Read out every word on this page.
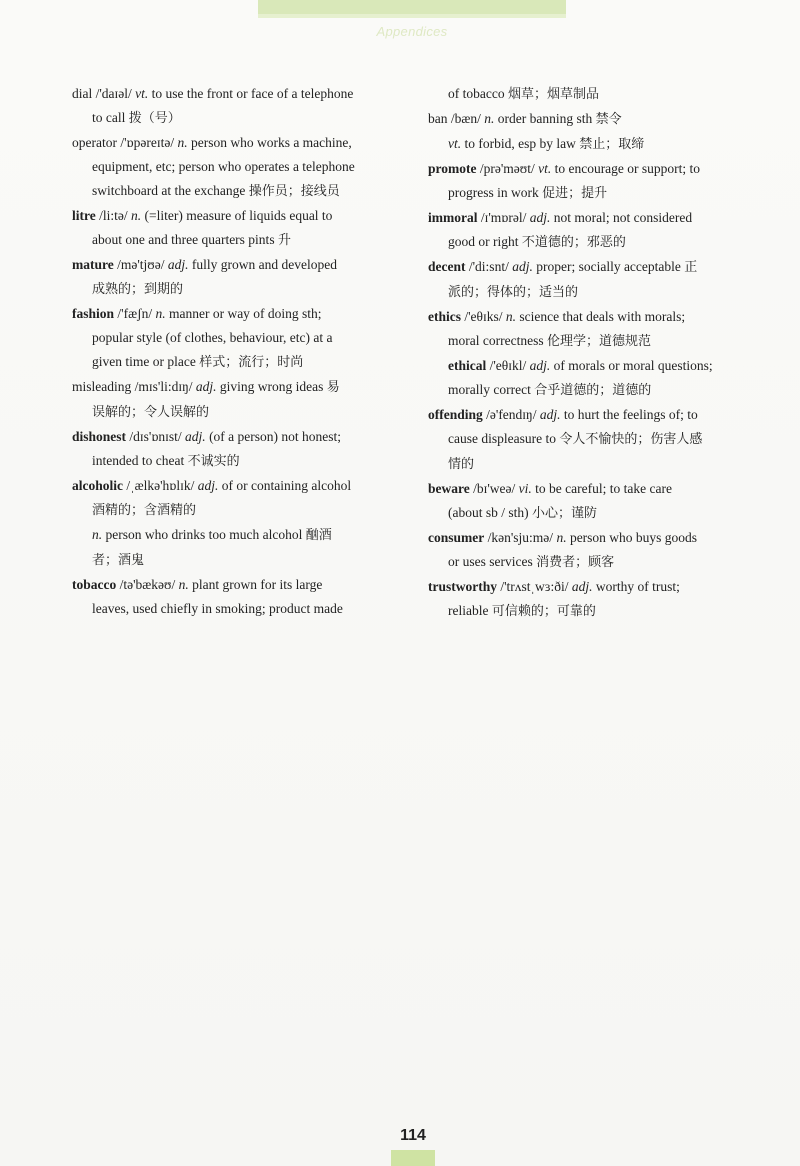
Appendices
dial /'daɪəl/ vt. to use the front or face of a telephone
to call 拨（号）
operator /'ɒpəreɪtə/ n. person who works a machine,
equipment, etc; person who operates a telephone
switchboard at the exchange 操作员；接线员
litre /li:tə/ n. (=liter) measure of liquids equal to
about one and three quarters pints 升
mature /mə'tjʊə/ adj. fully grown and developed
成熟的；到期的
fashion /'fæʃn/ n. manner or way of doing sth;
popular style (of clothes, behaviour, etc) at a
given time or place 样式；流行；时尚
misleading /mɪs'li:dɪŋ/ adj. giving wrong ideas 易
误解的；令人误解的
dishonest /dɪs'ɒnɪst/ adj. (of a person) not honest;
intended to cheat 不诚实的
alcoholic /ˌælkə'hɒlɪk/ adj. of or containing alcohol
酒精的；含酒精的
n. person who drinks too much alcohol 酗酒
者；酒鬼
tobacco /tə'bækəʊ/ n. plant grown for its large
leaves, used chiefly in smoking; product made
of tobacco 烟草；烟草制品
ban /bæn/ n. order banning sth 禁令
vt. to forbid, esp by law 禁止；取缔
promote /prə'məʊt/ vt. to encourage or support; to
progress in work 促进；提升
immoral /ɪ'mɒrəl/ adj. not moral; not considered
good or right 不道德的；邪恶的
decent /'di:snt/ adj. proper; socially acceptable 正
派的；得体的；适当的
ethics /'eθɪks/ n. science that deals with morals;
moral correctness 伦理学；道德规范
ethical /'eθɪkl/ adj. of morals or moral questions;
morally correct 合乎道德的；道德的
offending /ə'fendɪŋ/ adj. to hurt the feelings of; to
cause displeasure to 令人不愉快的；伤害人感
情的
beware /bɪ'weə/ vi. to be careful; to take care
(about sb / sth) 小心；谨防
consumer /kən'sju:mə/ n. person who buys goods
or uses services 消费者；顾客
trustworthy /'trʌstˌwɜ:ði/ adj. worthy of trust;
reliable 可信赖的；可靠的
114
